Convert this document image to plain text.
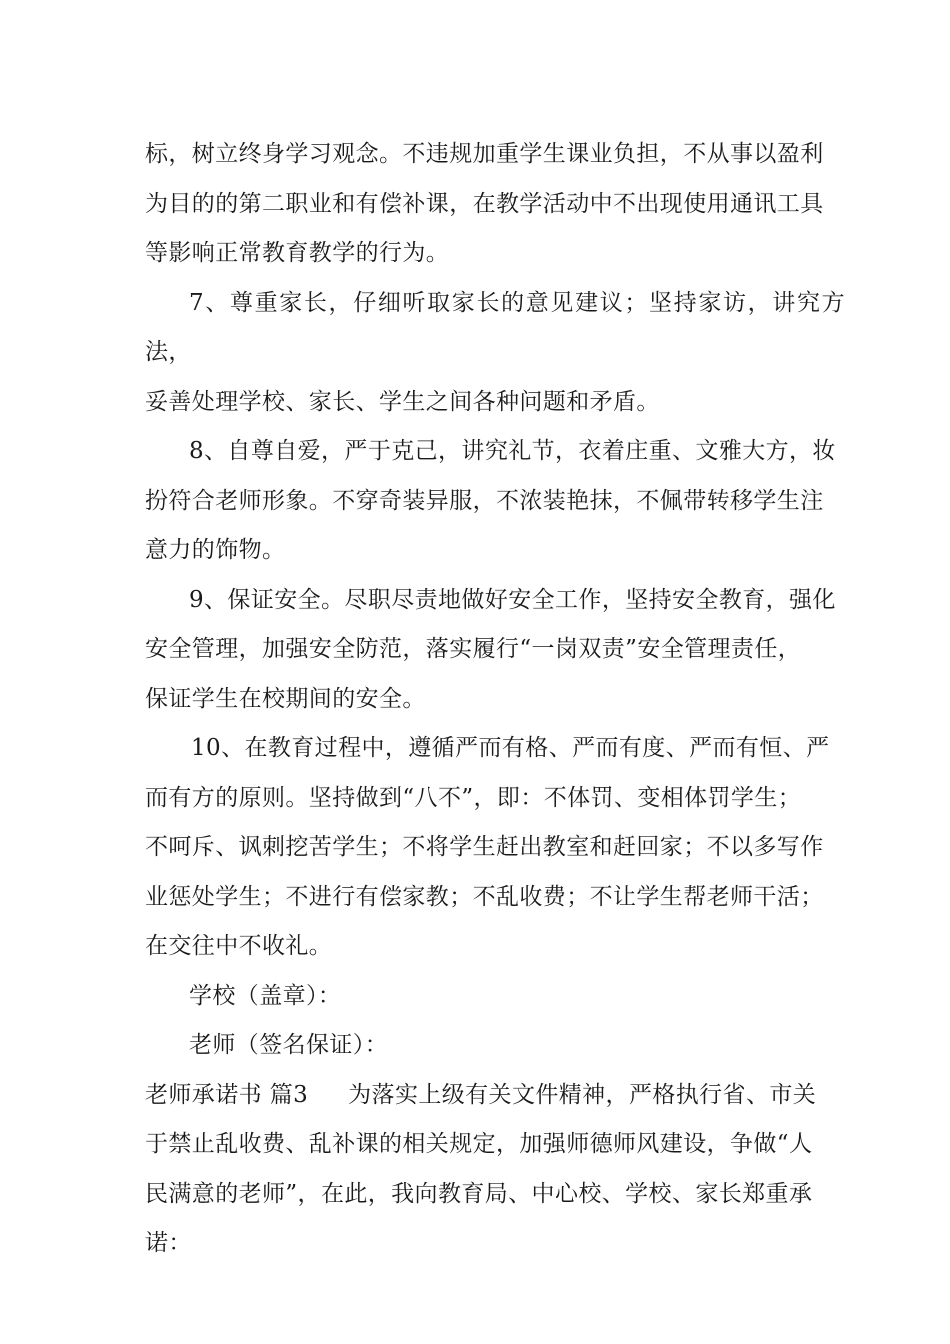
标，树立终身学习观念。不违规加重学生课业负担，不从事以盈利
为目的的第二职业和有偿补课，在教学活动中不出现使用通讯工具
等影响正常教育教学的行为。

7、尊重家长，仔细听取家长的意见建议；坚持家访，讲究方法，
妥善处理学校、家长、学生之间各种问题和矛盾。

8、自尊自爱，严于克己，讲究礼节，衣着庄重、文雅大方，妆
扮符合老师形象。不穿奇装异服，不浓装艳抹，不佩带转移学生注
意力的饰物。

9、保证安全。尽职尽责地做好安全工作，坚持安全教育，强化
安全管理，加强安全防范，落实履行“一岗双责”安全管理责任，
保证学生在校期间的安全。

10、在教育过程中，遵循严而有格、严而有度、严而有恒、严
而有方的原则。坚持做到“八不”，即：不体罚、变相体罚学生；
不呵斥、讽刺挖苦学生；不将学生赶出教室和赶回家；不以多写作
业惩处学生；不进行有偿家教；不乱收费；不让学生帮老师干活；
在交往中不收礼。

学校（盖章）：

老师（签名保证）：

老师承诺书 篇3 为落实上级有关文件精神，严格执行省、市关
于禁止乱收费、乱补课的相关规定，加强师德师风建设，争做“人
民满意的老师”，在此，我向教育局、中心校、学校、家长郑重承
诺：
